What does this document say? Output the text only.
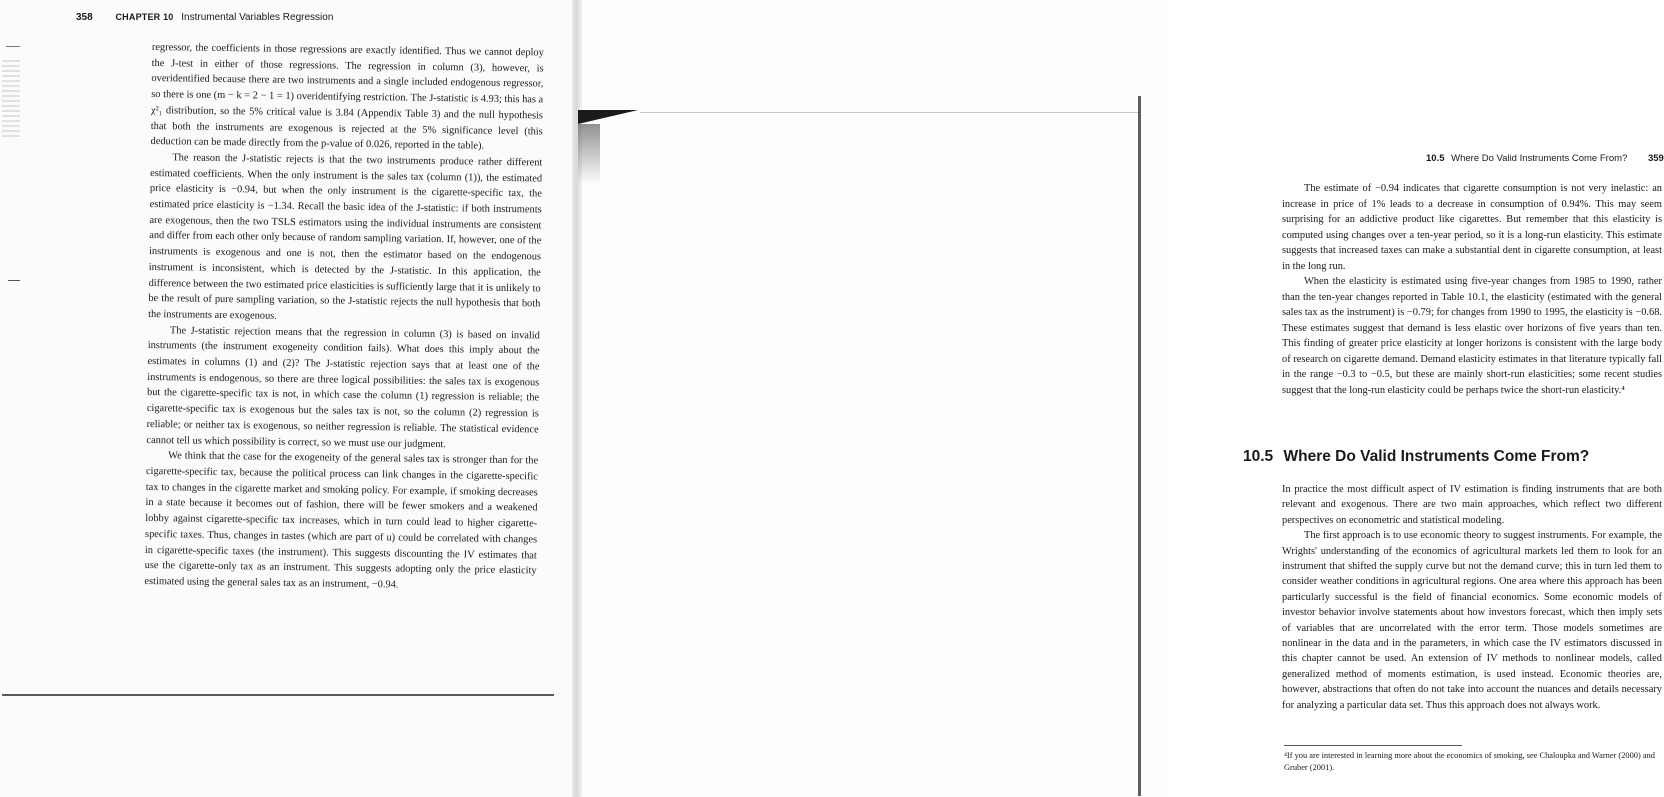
358	CHAPTER 10 Instrumental Variables Regression

regressor, the coefficients in those regressions are exactly identified. Thus we cannot deploy the J-test in either of those regressions. The regression in column (3), however, is overidentified because there are two instruments and a single included endogenous regressor, so there is one (m − k = 2 − 1 = 1) overidentifying restriction. The J-statistic is 4.93; this has a χ²₁ distribution, so the 5% critical value is 3.84 (Appendix Table 3) and the null hypothesis that both the instruments are exogenous is rejected at the 5% significance level (this deduction can be made directly from the p-value of 0.026, reported in the table).

The reason the J-statistic rejects is that the two instruments produce rather different estimated coefficients. When the only instrument is the sales tax (column (1)), the estimated price elasticity is −0.94, but when the only instrument is the cigarette-specific tax, the estimated price elasticity is −1.34. Recall the basic idea of the J-statistic: if both instruments are exogenous, then the two TSLS estimators using the individual instruments are consistent and differ from each other only because of random sampling variation. If, however, one of the instruments is exogenous and one is not, then the estimator based on the endogenous instrument is inconsistent, which is detected by the J-statistic. In this application, the difference between the two estimated price elasticities is sufficiently large that it is unlikely to be the result of pure sampling variation, so the J-statistic rejects the null hypothesis that both the instruments are exogenous.

The J-statistic rejection means that the regression in column (3) is based on invalid instruments (the instrument exogeneity condition fails). What does this imply about the estimates in columns (1) and (2)? The J-statistic rejection says that at least one of the instruments is endogenous, so there are three logical possibilities: the sales tax is exogenous but the cigarette-specific tax is not, in which case the column (1) regression is reliable; the cigarette-specific tax is exogenous but the sales tax is not, so the column (2) regression is reliable; or neither tax is exogenous, so neither regression is reliable. The statistical evidence cannot tell us which possibility is correct, so we must use our judgment.

We think that the case for the exogeneity of the general sales tax is stronger than for the cigarette-specific tax, because the political process can link changes in the cigarette-specific tax to changes in the cigarette market and smoking policy. For example, if smoking decreases in a state because it becomes out of fashion, there will be fewer smokers and a weakened lobby against cigarette-specific tax increases, which in turn could lead to higher cigarette-specific taxes. Thus, changes in tastes (which are part of u) could be correlated with changes in cigarette-specific taxes (the instrument). This suggests discounting the IV estimates that use the cigarette-only tax as an instrument. This suggests adopting only the price elasticity estimated using the general sales tax as an instrument, −0.94.

10.5 Where Do Valid Instruments Come From? 359

The estimate of −0.94 indicates that cigarette consumption is not very inelastic: an increase in price of 1% leads to a decrease in consumption of 0.94%. This may seem surprising for an addictive product like cigarettes. But remember that this elasticity is computed using changes over a ten-year period, so it is a long-run elasticity. This estimate suggests that increased taxes can make a substantial dent in cigarette consumption, at least in the long run.

When the elasticity is estimated using five-year changes from 1985 to 1990, rather than the ten-year changes reported in Table 10.1, the elasticity (estimated with the general sales tax as the instrument) is −0.79; for changes from 1990 to 1995, the elasticity is −0.68. These estimates suggest that demand is less elastic over horizons of five years than ten. This finding of greater price elasticity at longer horizons is consistent with the large body of research on cigarette demand. Demand elasticity estimates in that literature typically fall in the range −0.3 to −0.5, but these are mainly short-run elasticities; some recent studies suggest that the long-run elasticity could be perhaps twice the short-run elasticity.⁴

10.5 Where Do Valid Instruments Come From?

In practice the most difficult aspect of IV estimation is finding instruments that are both relevant and exogenous. There are two main approaches, which reflect two different perspectives on econometric and statistical modeling.

The first approach is to use economic theory to suggest instruments. For example, the Wrights' understanding of the economics of agricultural markets led them to look for an instrument that shifted the supply curve but not the demand curve; this in turn led them to consider weather conditions in agricultural regions. One area where this approach has been particularly successful is the field of financial economics. Some economic models of investor behavior involve statements about how investors forecast, which then imply sets of variables that are uncorrelated with the error term. Those models sometimes are nonlinear in the data and in the parameters, in which case the IV estimators discussed in this chapter cannot be used. An extension of IV methods to nonlinear models, called generalized method of moments estimation, is used instead. Economic theories are, however, abstractions that often do not take into account the nuances and details necessary for analyzing a particular data set. Thus this approach does not always work.

⁴If you are interested in learning more about the economics of smoking, see Chaloupka and Warner (2000) and Gruber (2001).
